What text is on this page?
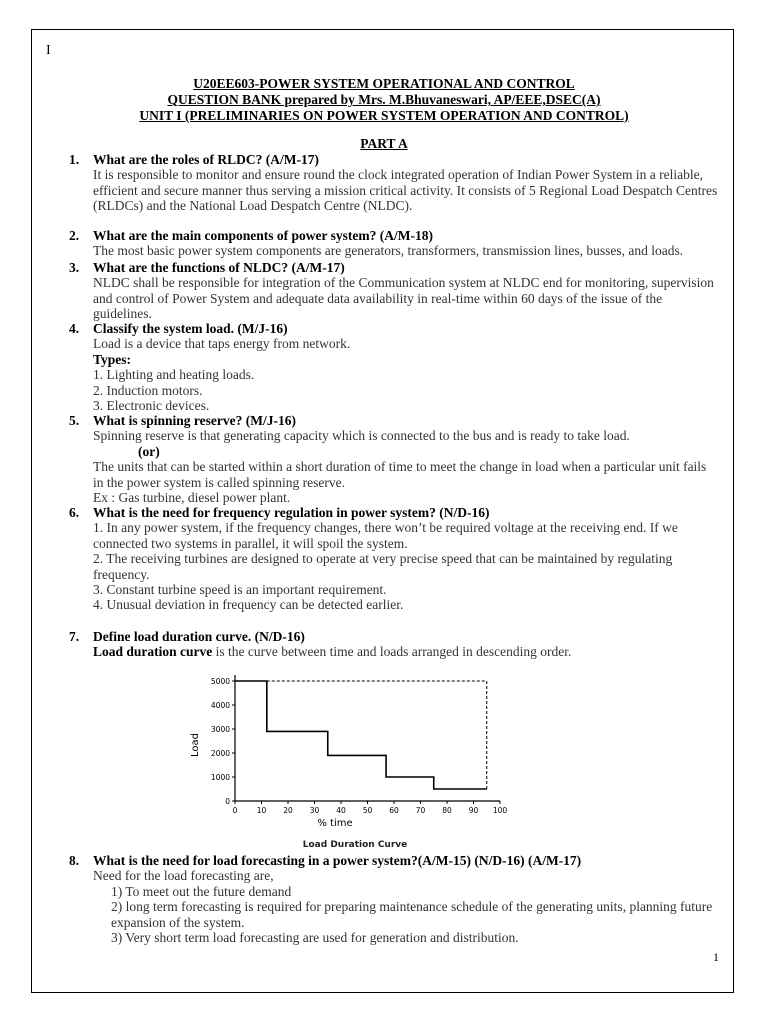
I
U20EE603-POWER SYSTEM OPERATIONAL AND CONTROL
QUESTION BANK prepared by Mrs. M.Bhuvaneswari, AP/EEE,DSEC(A)
UNIT I (PRELIMINARIES ON POWER SYSTEM OPERATION AND CONTROL)
PART A
1. What are the roles of RLDC? (A/M-17)
It is responsible to monitor and ensure round the clock integrated operation of Indian Power System in a reliable, efficient and secure manner thus serving a mission critical activity. It consists of 5 Regional Load Despatch Centres (RLDCs) and the National Load Despatch Centre (NLDC).
2. What are the main components of power system? (A/M-18)
The most basic power system components are generators, transformers, transmission lines, busses, and loads.
3. What are the functions of NLDC? (A/M-17)
NLDC shall be responsible for integration of the Communication system at NLDC end for monitoring, supervision and control of Power System and adequate data availability in real-time within 60 days of the issue of the guidelines.
4. Classify the system load. (M/J-16)
Load is a device that taps energy from network.
Types:
1. Lighting and heating loads.
2. Induction motors.
3. Electronic devices.
5. What is spinning reserve? (M/J-16)
Spinning reserve is that generating capacity which is connected to the bus and is ready to take load.
(or)
The units that can be started within a short duration of time to meet the change in load when a particular unit fails in the power system is called spinning reserve.
Ex : Gas turbine, diesel power plant.
6. What is the need for frequency regulation in power system? (N/D-16)
1. In any power system, if the frequency changes, there won’t be required voltage at the receiving end. If we connected two systems in parallel, it will spoil the system.
2. The receiving turbines are designed to operate at very precise speed that can be maintained by regulating frequency.
3. Constant turbine speed is an important requirement.
4. Unusual deviation in frequency can be detected earlier.
7. Define load duration curve. (N/D-16)
Load duration curve is the curve between time and loads arranged in descending order.
0	10 20 30 40 50 60 70 80 90 100
0
1000
2000
3000
4000
5000
Load
% time
Load Duration Curve
8. What is the need for load forecasting in a power system?(A/M-15) (N/D-16) (A/M-17)
Need for the load forecasting are,
1) To meet out the future demand
2) long term forecasting is required for preparing maintenance schedule of the generating units, planning future expansion of the system.
3) Very short term load forecasting are used for generation and distribution.
1
